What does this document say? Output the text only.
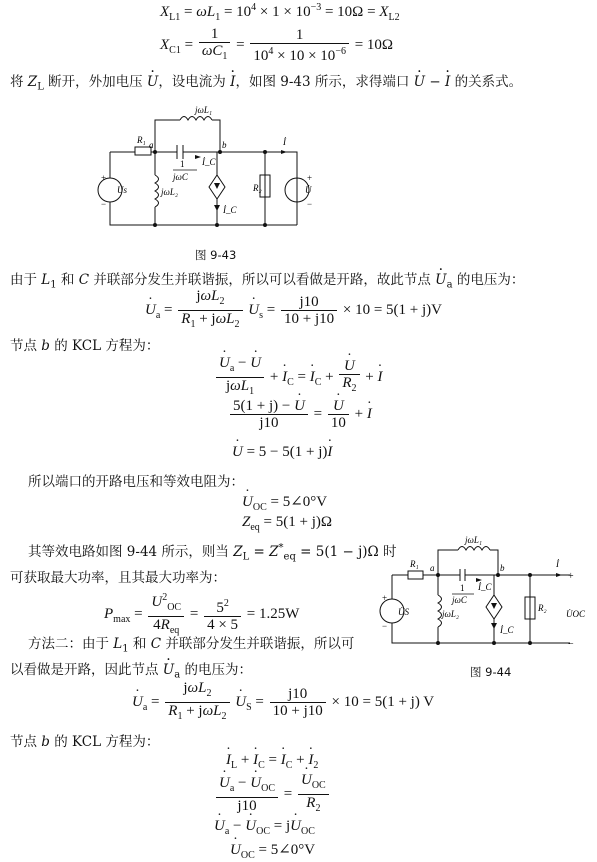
$X_{L1} = \omega L_1 = 10^4 \times 1 \times 10^{-3} = 10\Omega = X_{L2}$
$X_{C1} = \frac{1}{\omega C_1} = \frac{1}{10^4 \times 10 \times 10^{-6}} = 10\Omega$
将 $Z_L$ 断开，外加电压 · U，设电流为 · I，如图 9-43 所示，求得端口 · U − · I 的关系式。
jωL₁
R₁ a	b
1
jωC
İ_C
İ_C
U̇s
+
−
jωL₂	R₂	U̇
+
−
İ
图 9-43
由于 $L_1$ 和 C 并联部分发生并联谐振，所以可以看做是开路，故此节点 · $U_a$ 的电压为：
· $U_a = \frac{j\omega L_2}{R_1 + j\omega L_2}$
· $U_s = \frac{j10}{10 + j10} \times 10 = 5(1 + j)V$
节点 b 的 KCL 方程为：
· $\frac{U_a - \cdot U}{j\omega L_1}$ + · $I_C$ = · $I_C$ +
· $\frac{U}{R_2}$ + · I
$\frac{5(1 + j) - \cdot U}{j10}$ =
· $\frac{U}{10}$ + · I
· U = 5 − 5(1 + j)· I
所以端口的开路电压和等效电阻为：
· $U_{OC}$ = 5∠0°V
$Z_{eq} = 5(1 + j)\Omega$
其等效电路如图 9-44 所示，则当 $Z_L = Z^*_{eq} = 5(1 - j)\Omega$ 时
可获取最大功率，且其最大功率为：
$P_{max} = \frac{U^2_{OC}}{4R_{eq}} = \frac{5^2}{4 \times 5} = 1.25W$
jωL₁
R₁ a	b
1
jωC
İ_C
İ_C
U̇S
+
−
jωL₂
R₂
U̇OC
+
−
İ
图 9-44
方法二：由于 $L_1$ 和 C 并联部分发生并联谐振，所以可
以看做是开路，因此节点 · $U_a$ 的电压为：
· $U_a = \frac{j\omega L_2}{R_1 + j\omega L_2}$
· $U_S = \frac{j10}{10 + j10} \times 10 = 5(1 + j)$ V
节点 b 的 KCL 方程为：
· $I_L$ + · $I_C$ = · $I_C$ + · $I_2$
· $\frac{U_a - \cdot U_{OC}}{j10}$ =
· $\frac{U_{OC}}{R_2}$
· $U_a$ − · $U_{OC} = j\cdot U_{OC}$
· $U_{OC}$ = 5∠0°V
